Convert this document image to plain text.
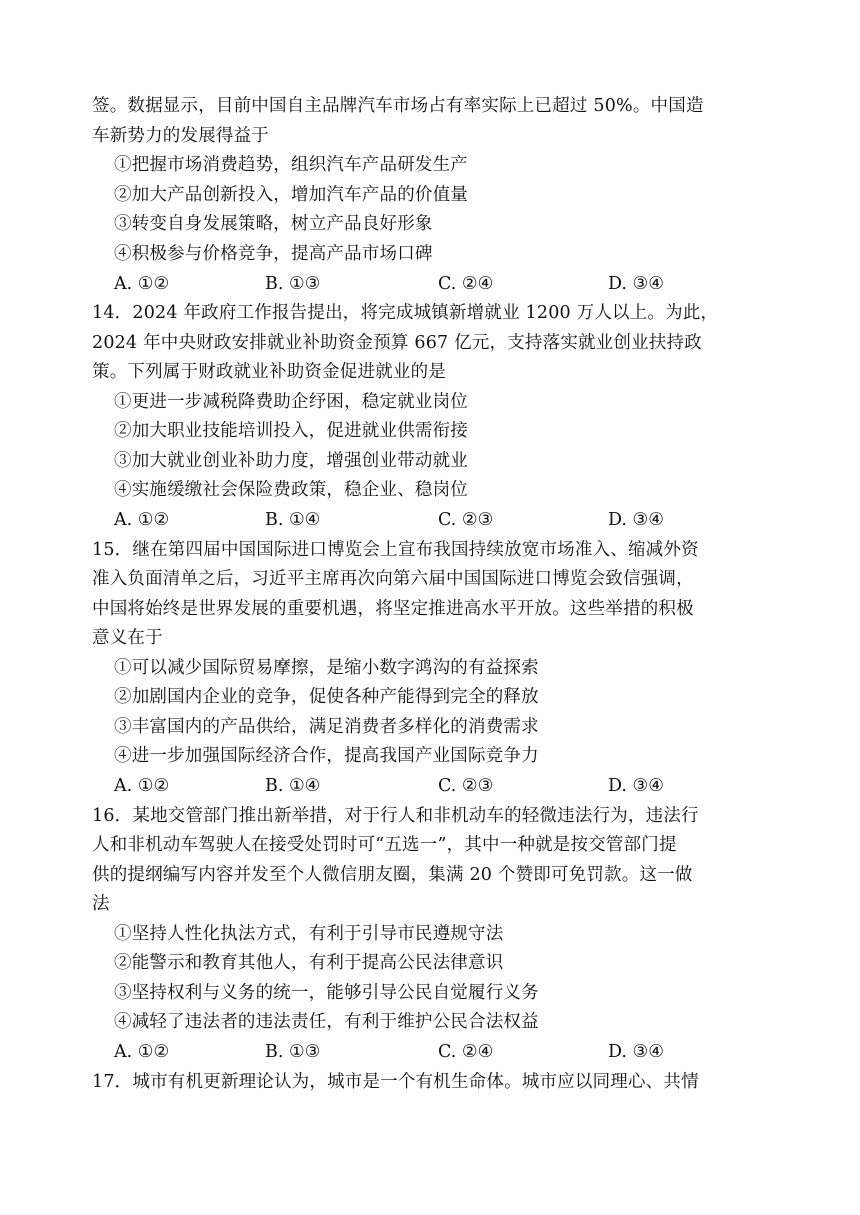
签。数据显示，目前中国自主品牌汽车市场占有率实际上已超过 50%。中国造
车新势力的发展得益于
①把握市场消费趋势，组织汽车产品研发生产
②加大产品创新投入，增加汽车产品的价值量
③转变自身发展策略，树立产品良好形象
④积极参与价格竞争，提高产品市场口碑
A. ①②	B. ①③	C. ②④	D. ③④
14．2024 年政府工作报告提出，将完成城镇新增就业 1200 万人以上。为此，
2024 年中央财政安排就业补助资金预算 667 亿元，支持落实就业创业扶持政
策。下列属于财政就业补助资金促进就业的是
①更进一步减税降费助企纾困，稳定就业岗位
②加大职业技能培训投入，促进就业供需衔接
③加大就业创业补助力度，增强创业带动就业
④实施缓缴社会保险费政策，稳企业、稳岗位
A. ①②	B. ①④	C. ②③	D. ③④
15．继在第四届中国国际进口博览会上宣布我国持续放宽市场准入、缩减外资
准入负面清单之后，习近平主席再次向第六届中国国际进口博览会致信强调，
中国将始终是世界发展的重要机遇，将坚定推进高水平开放。这些举措的积极
意义在于
①可以减少国际贸易摩擦，是缩小数字鸿沟的有益探索
②加剧国内企业的竞争，促使各种产能得到完全的释放
③丰富国内的产品供给，满足消费者多样化的消费需求
④进一步加强国际经济合作，提高我国产业国际竞争力
A. ①②	B. ①④	C. ②③	D. ③④
16．某地交管部门推出新举措，对于行人和非机动车的轻微违法行为，违法行
人和非机动车驾驶人在接受处罚时可“五选一”，其中一种就是按交管部门提
供的提纲编写内容并发至个人微信朋友圈，集满 20 个赞即可免罚款。这一做
法
①坚持人性化执法方式，有利于引导市民遵规守法
②能警示和教育其他人，有利于提高公民法律意识
③坚持权利与义务的统一，能够引导公民自觉履行义务
④减轻了违法者的违法责任，有利于维护公民合法权益
A. ①②	B. ①③	C. ②④	D. ③④
17．城市有机更新理论认为，城市是一个有机生命体。城市应以同理心、共情
